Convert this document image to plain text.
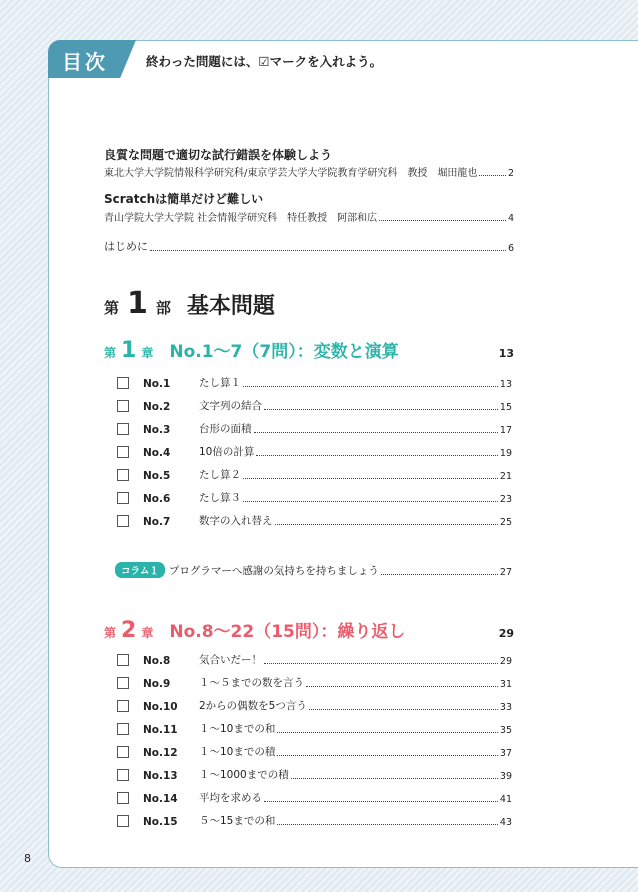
目次	終わった問題には、☑マークを入れよう。
良質な問題で適切な試行錯誤を体験しよう
東北大学大学院情報科学研究科/東京学芸大学大学院教育学研究科　教授　堀田龍也	2
Scratchは簡単だけど難しい
青山学院大学大学院 社会情報学研究科　特任教授　阿部和広	4
はじめに	6
第 1 部 基本問題
第 1 章 No.1～7（7問）：変数と演算	13
No.1	たし算１	13
No.2	文字列の結合	15
No.3	台形の面積	17
No.4	10倍の計算	19
No.5	たし算２	21
No.6	たし算３	23
No.7	数字の入れ替え	25
コラム１ プログラマーへ感謝の気持ちを持ちましょう	27
第 2 章 No.8～22（15問）：繰り返し	29
No.8	気合いだー！	29
No.9	１～５までの数を言う	31
No.10	2からの偶数を5つ言う	33
No.11	１～10までの和	35
No.12	１～10までの積	37
No.13	１～1000までの積	39
No.14	平均を求める	41
No.15	５～15までの和	43
8
